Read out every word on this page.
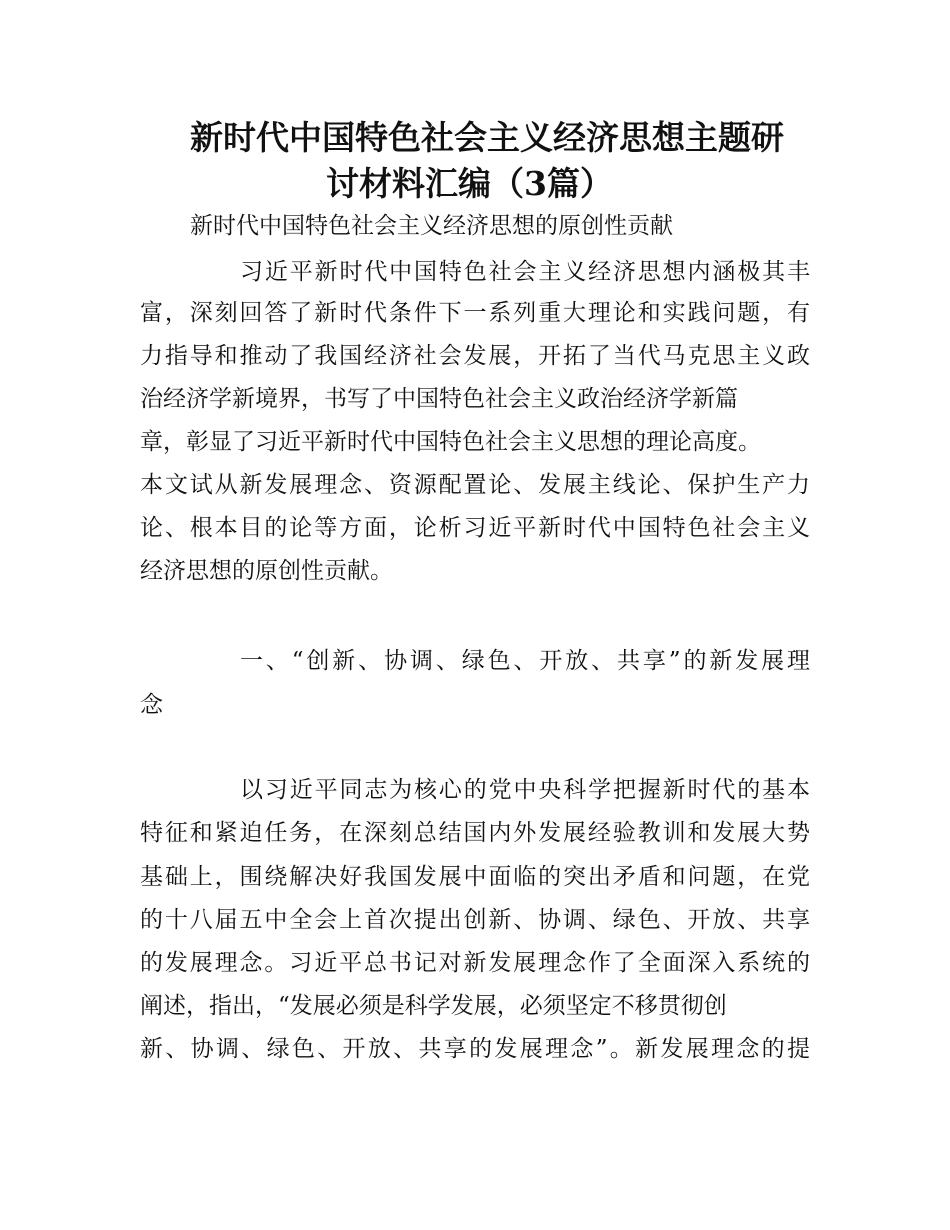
新时代中国特色社会主义经济思想主题研
讨材料汇编（3篇）
新时代中国特色社会主义经济思想的原创性贡献
习近平新时代中国特色社会主义经济思想内涵极其丰
富，深刻回答了新时代条件下一系列重大理论和实践问题，有
力指导和推动了我国经济社会发展，开拓了当代马克思主义政
治经济学新境界，书写了中国特色社会主义政治经济学新篇
章，彰显了习近平新时代中国特色社会主义思想的理论高度。
本文试从新发展理念、资源配置论、发展主线论、保护生产力
论、根本目的论等方面，论析习近平新时代中国特色社会主义
经济思想的原创性贡献。
一、“创新、协调、绿色、开放、共享”的新发展理
念
以习近平同志为核心的党中央科学把握新时代的基本
特征和紧迫任务，在深刻总结国内外发展经验教训和发展大势
基础上，围绕解决好我国发展中面临的突出矛盾和问题，在党
的十八届五中全会上首次提出创新、协调、绿色、开放、共享
的发展理念。习近平总书记对新发展理念作了全面深入系统的
阐述，指出，“发展必须是科学发展，必须坚定不移贯彻创
新、协调、绿色、开放、共享的发展理念”。新发展理念的提
